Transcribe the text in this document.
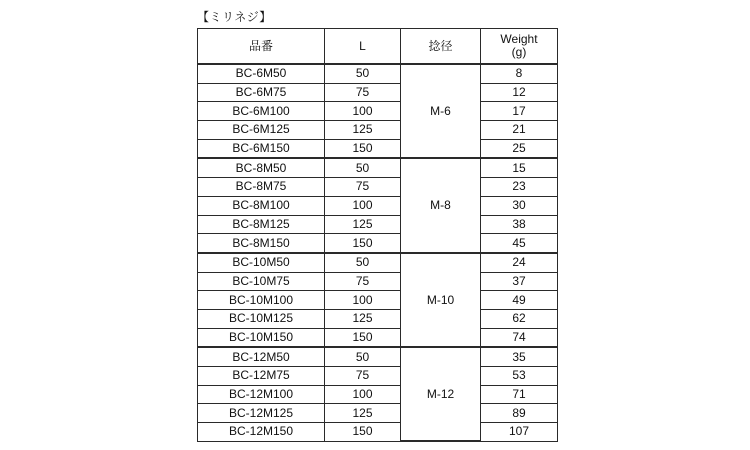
【ミリネジ】
品番	L	捻径	Weight
(g)

BC-6M50	50	M-6	8
BC-6M75	75		12
BC-6M100	100		17
BC-6M125	125		21
BC-6M150	150		25
BC-8M50	50	M-8	15
BC-8M75	75		23
BC-8M100	100		30
BC-8M125	125		38
BC-8M150	150		45
BC-10M50	50	M-10	24
BC-10M75	75		37
BC-10M100	100		49
BC-10M125	125		62
BC-10M150	150		74
BC-12M50	50	M-12	35
BC-12M75	75		53
BC-12M100	100		71
BC-12M125	125		89
BC-12M150	150		107
